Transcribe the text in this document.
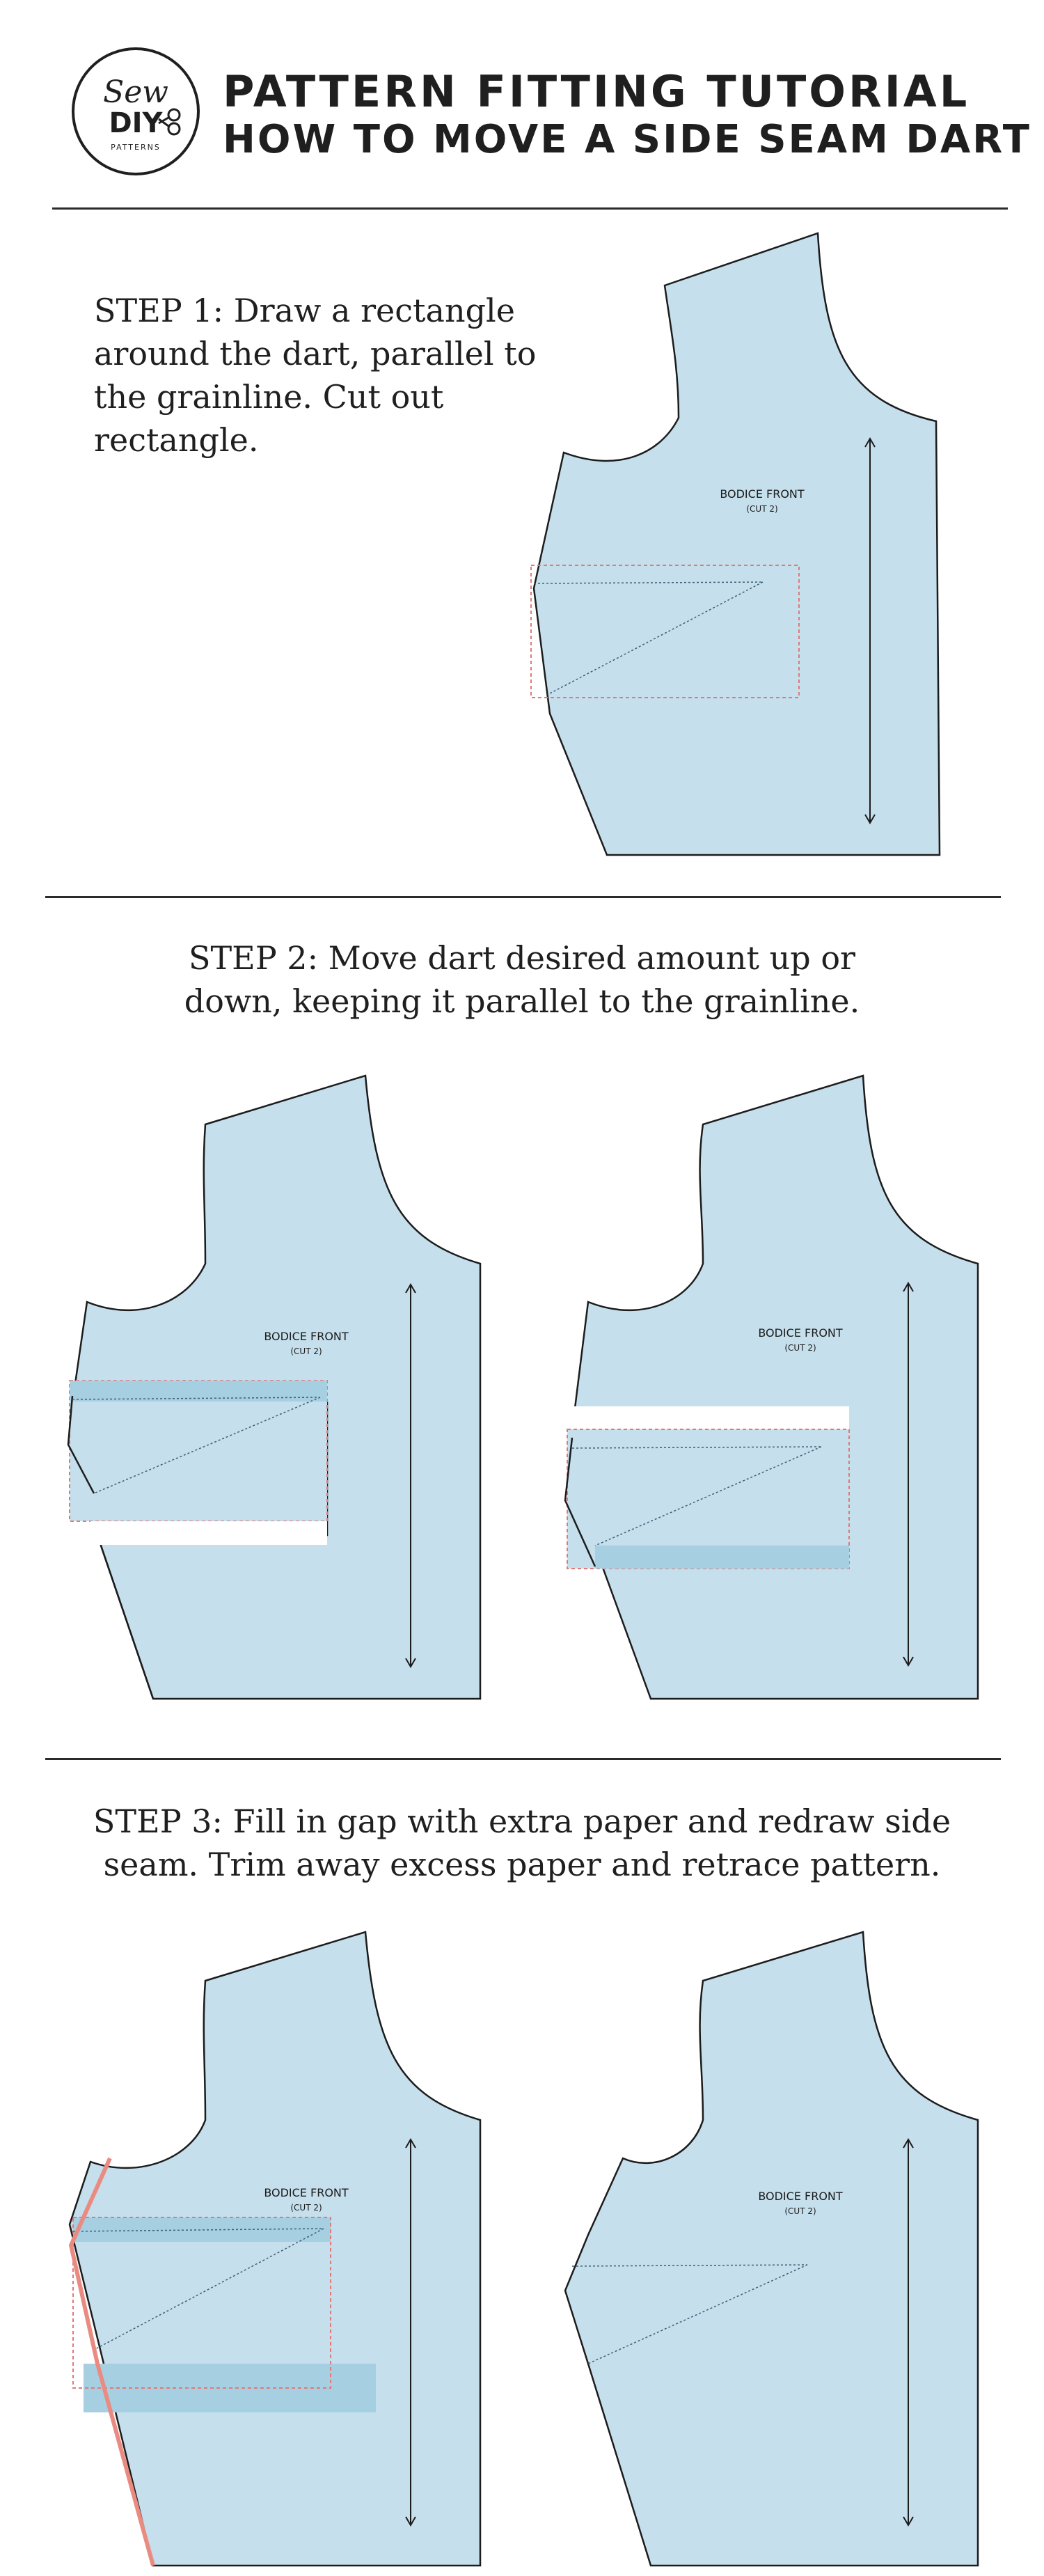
Sew
DIY
PATTERNS
PATTERN FITTING TUTORIAL
HOW TO MOVE A SIDE SEAM DART
STEP 1: Draw a rectangle around the dart, parallel to the grainline. Cut out rectangle.
BODICE FRONT
(CUT 2)
STEP 2: Move dart desired amount up or
down, keeping it parallel to the grainline.
BODICE FRONT
(CUT 2)
BODICE FRONT
(CUT 2)
STEP 3: Fill in gap with extra paper and redraw side
seam. Trim away excess paper and retrace pattern.
BODICE FRONT
(CUT 2)
BODICE FRONT
(CUT 2)
